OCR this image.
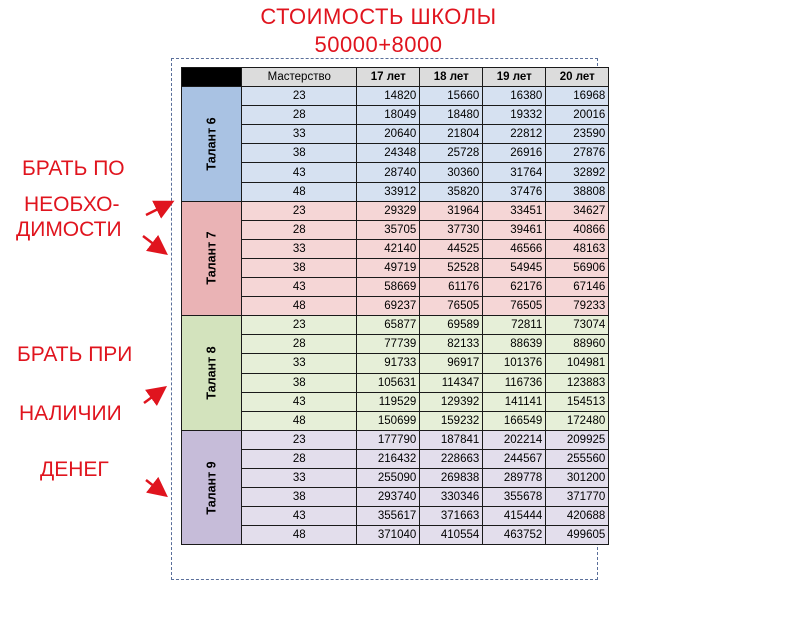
СТОИМОСТЬ ШКОЛЫ
50000+8000
	Мастерство	17 лет	18 лет	19 лет	20 лет
Талант 6	23	14820	15660	16380	16968
	28	18049	18480	19332	20016
	33	20640	21804	22812	23590
	38	24348	25728	26916	27876
	43	28740	30360	31764	32892
	48	33912	35820	37476	38808
Талант 7	23	29329	31964	33451	34627
	28	35705	37730	39461	40866
	33	42140	44525	46566	48163
	38	49719	52528	54945	56906
	43	58669	61176	62176	67146
	48	69237	76505	76505	79233
Талант 8	23	65877	69589	72811	73074
	28	77739	82133	88639	88960
	33	91733	96917	101376	104981
	38	105631	114347	116736	123883
	43	119529	129392	141141	154513
	48	150699	159232	166549	172480
Талант 9	23	177790	187841	202214	209925
	28	216432	228663	244567	255560
	33	255090	269838	289778	301200
	38	293740	330346	355678	371770
	43	355617	371663	415444	420688
	48	371040	410554	463752	499605
БРАТЬ ПО
НЕОБХО-
ДИМОСТИ
БРАТЬ ПРИ
НАЛИЧИИ
ДЕНЕГ
